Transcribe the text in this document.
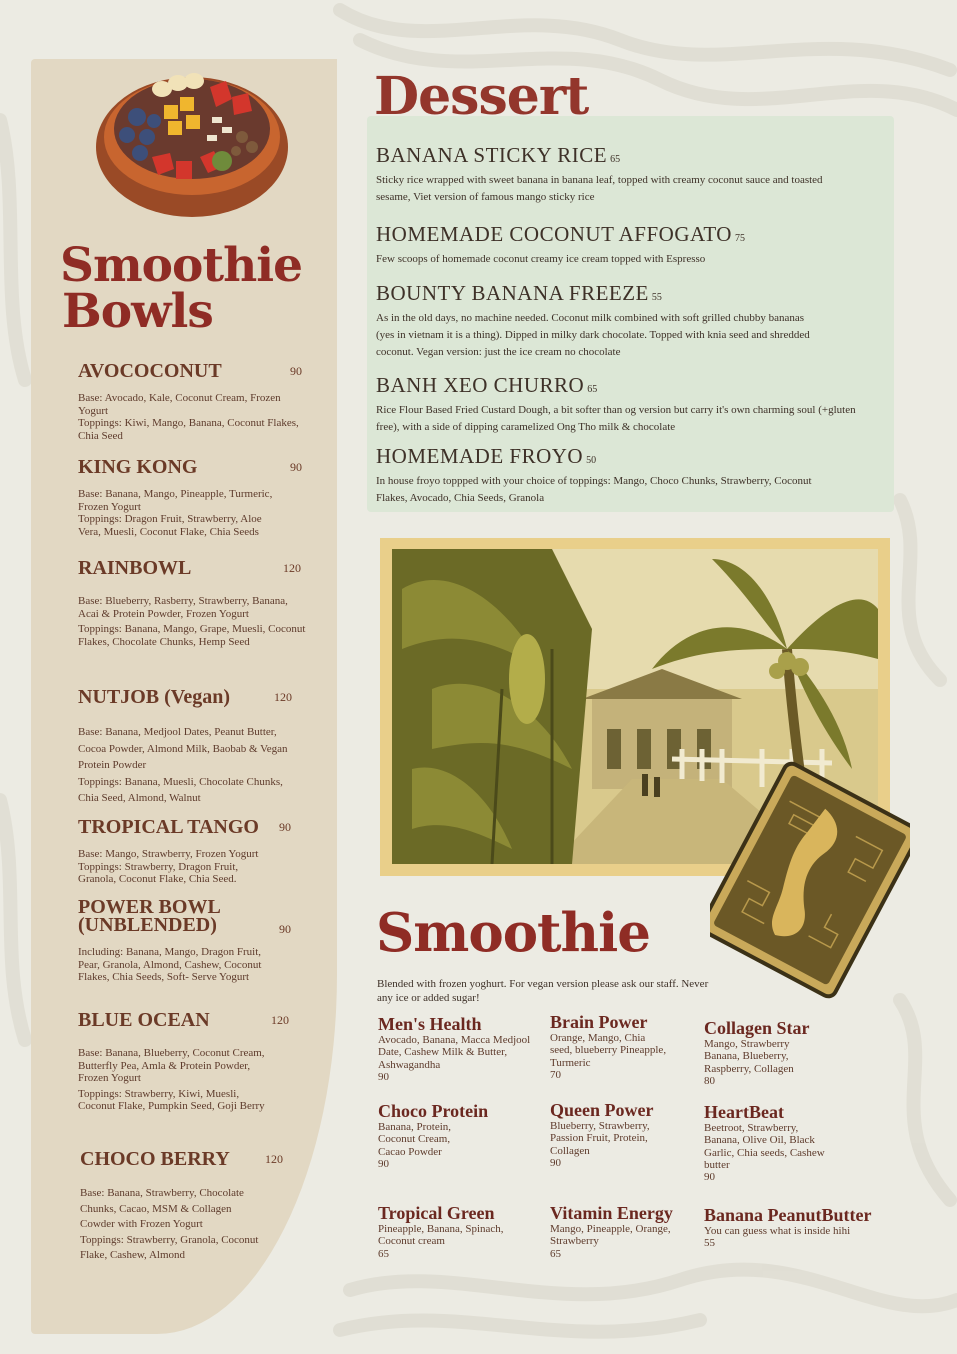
Smoothie
Bowls
AVOCOCONUT	90
Base: Avocado, Kale, Coconut Cream, Frozen Yogurt
Toppings: Kiwi, Mango, Banana, Coconut Flakes, Chia Seed
KING KONG	90
Base: Banana, Mango, Pineapple, Turmeric, Frozen Yogurt
Toppings: Dragon Fruit, Strawberry, Aloe Vera, Muesli, Coconut Flake, Chia Seeds
RAINBOWL	120
Base: Blueberry, Rasberry, Strawberry, Banana, Acai & Protein Powder, Frozen Yogurt

Toppings: Banana, Mango, Grape, Muesli, Coconut Flakes, Chocolate Chunks, Hemp Seed
NUTJOB (Vegan)	120
Base: Banana, Medjool Dates, Peanut Butter, Cocoa Powder, Almond Milk, Baobab & Vegan Protein Powder
Toppings: Banana, Muesli, Chocolate Chunks, Chia Seed, Almond, Walnut
TROPICAL TANGO	90
Base: Mango, Strawberry, Frozen Yogurt
Toppings: Strawberry, Dragon Fruit, Granola, Coconut Flake, Chia Seed.
POWER BOWL (UNBLENDED)	90
Including: Banana, Mango, Dragon Fruit, Pear, Granola, Almond, Cashew, Coconut Flakes, Chia Seeds, Soft- Serve Yogurt
BLUE OCEAN	120
Base: Banana, Blueberry, Coconut Cream, Butterfly Pea, Amla & Protein Powder, Frozen Yogurt

Toppings: Strawberry, Kiwi, Muesli, Coconut Flake, Pumpkin Seed, Goji Berry
CHOCO BERRY	120
Base: Banana, Strawberry, Chocolate Chunks, Cacao, MSM & Collagen Cowder with Frozen Yogurt
Toppings: Strawberry, Granola, Coconut Flake, Cashew, Almond
Dessert
BANANA STICKY RICE 65
Sticky rice wrapped with sweet banana in banana leaf, topped with creamy coconut sauce and toasted sesame, Viet version of famous mango sticky rice
HOMEMADE COCONUT AFFOGATO 75
Few scoops of homemade coconut creamy ice cream topped with Espresso
BOUNTY BANANA FREEZE 55
As in the old days, no machine needed. Coconut milk combined with soft grilled chubby bananas (yes in vietnam it is a thing). Dipped in milky dark chocolate. Topped with knia seed and shredded coconut. Vegan version: just the ice cream no chocolate
BANH XEO CHURRO 65
Rice Flour Based Fried Custard Dough, a bit softer than og version but carry it's own charming soul (+gluten free), with a side of dipping caramelized Ong Tho milk & chocolate
HOMEMADE FROYO 50
In house froyo toppped with your choice of toppings: Mango, Choco Chunks, Strawberry, Coconut Flakes, Avocado, Chia Seeds, Granola
Smoothie
Blended with frozen yoghurt. For vegan version please ask our staff. Never any ice or added sugar!
Men's Health
Avocado, Banana, Macca Medjool Date, Cashew Milk & Butter, Ashwagandha
90
Brain Power
Orange, Mango, Chia seed, blueberry Pineapple, Turmeric
70
Collagen Star
Mango, Strawberry Banana, Blueberry, Raspberry, Collagen
80
Choco Protein
Banana, Protein, Coconut Cream, Cacao Powder
90
Queen Power
Blueberry, Strawberry, Passion Fruit, Protein, Collagen
90
HeartBeat
Beetroot, Strawberry, Banana, Olive Oil, Black Garlic, Chia seeds, Cashew butter
90
Tropical Green
Pineapple, Banana, Spinach, Coconut cream
65
Vitamin Energy
Mango, Pineapple, Orange, Strawberry
65
Banana PeanutButter
You can guess what is inside hihi
55
